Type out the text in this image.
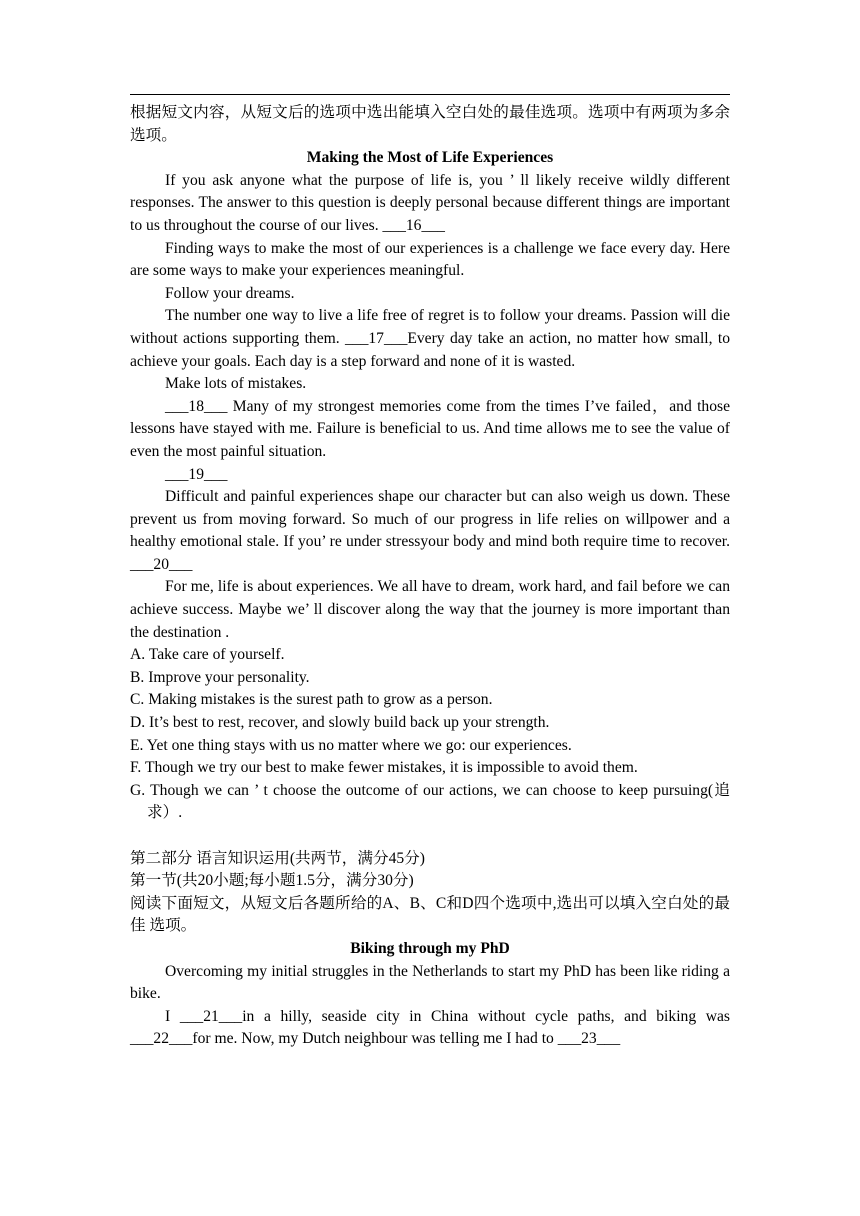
根据短文内容，从短文后的选项中选出能填入空白处的最佳选项。选项中有两项为多余选项。

Making the Most of Life Experiences

If you ask anyone what the purpose of life is, you ’ ll likely receive wildly different responses. The answer to this question is deeply personal because different things are important to us throughout the course of our lives. ___16___

Finding ways to make the most of our experiences is a challenge we face every day. Here are some ways to make your experiences meaningful.

Follow your dreams.

The number one way to live a life free of regret is to follow your dreams. Passion will die without actions supporting them. ___17___Every day take an action, no matter how small, to achieve your goals. Each day is a step forward and none of it is wasted.

Make lots of mistakes.

___18___ Many of my strongest memories come from the times I’ve failed，and those lessons have stayed with me. Failure is beneficial to us. And time allows me to see the value of even the most painful situation.

___19___

Difficult and painful experiences shape our character but can also weigh us down. These prevent us from moving forward. So much of our progress in life relies on willpower and a healthy emotional stale. If you’ re under stressyour body and mind both require time to recover. ___20___

For me, life is about experiences. We all have to dream, work hard, and fail before we can achieve success. Maybe we’ ll discover along the way that the journey is more important than the destination .

A. Take care of yourself.

B. Improve your personality.

C. Making mistakes is the surest path to grow as a person.

D. It’s best to rest, recover, and slowly build back up your strength.

E. Yet one thing stays with us no matter where we go: our experiences.

F. Though we try our best to make fewer mistakes, it is impossible to avoid them.

G. Though we can ’ t choose the outcome of our actions, we can choose to keep pursuing(追求）.

第二部分 语言知识运用(共两节，满分45分)

第一节(共20小题;每小题1.5分，满分30分)

阅读下面短文，从短文后各题所给的A、B、C和D四个选项中,选出可以填入空白处的最佳 选项。

Biking through my PhD

Overcoming my initial struggles in the Netherlands to start my PhD has been like riding a bike.

I ___21___in a hilly, seaside city in China without cycle paths, and biking was ___22___for me. Now, my Dutch neighbour was telling me I had to ___23___
